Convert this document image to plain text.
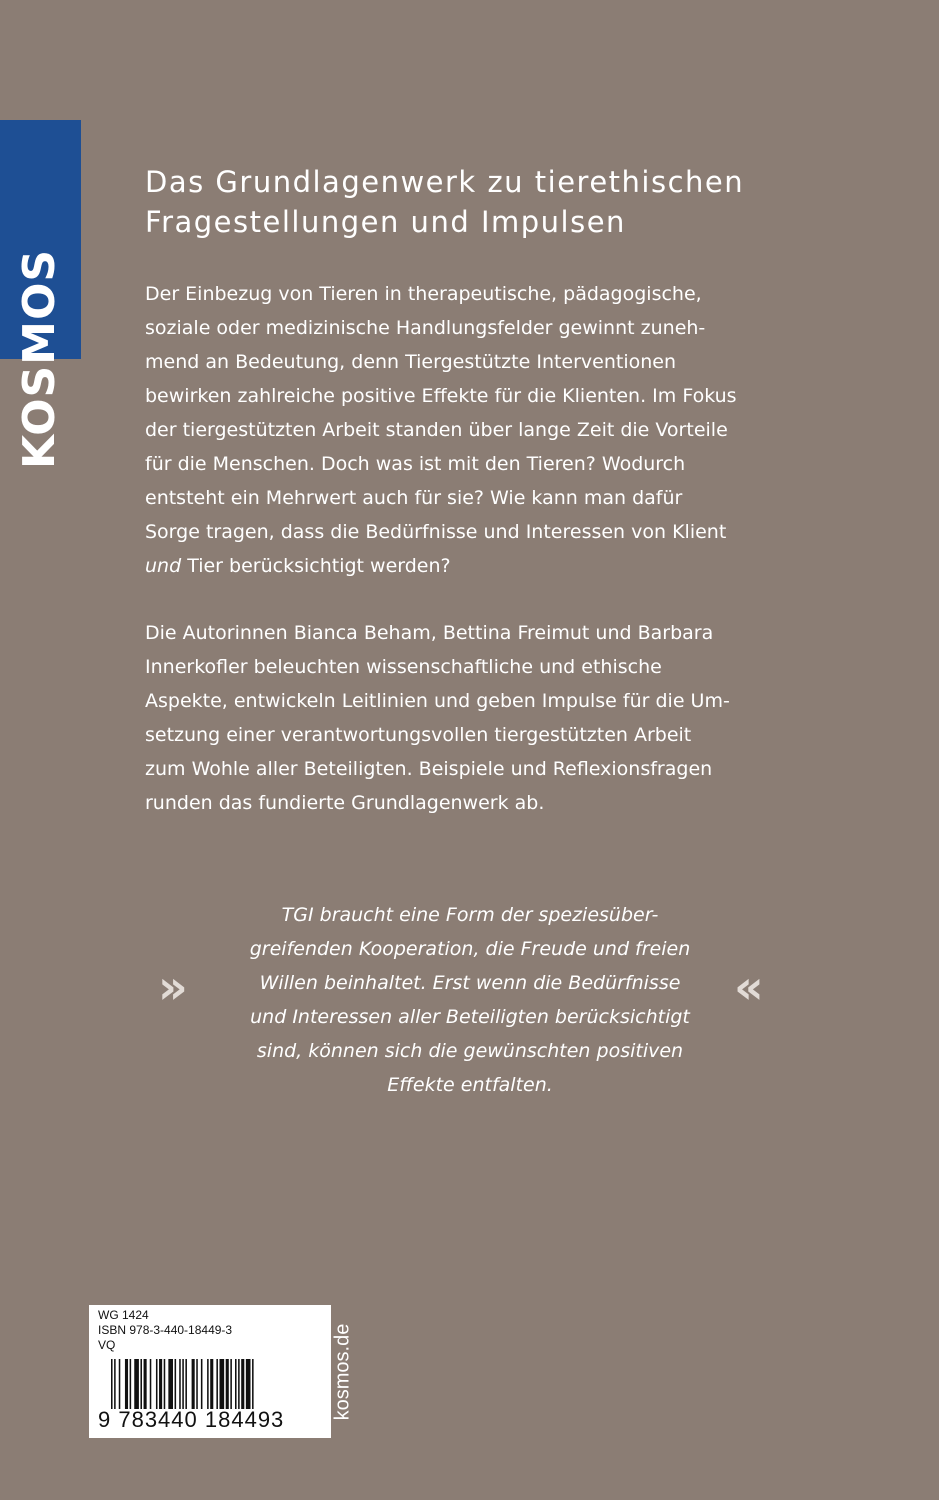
KOSMOS
Das Grundlagenwerk zu tierethischen
Fragestellungen und Impulsen

Der Einbezug von Tieren in therapeutische, pädagogische,
soziale oder medizinische Handlungsfelder gewinnt zuneh-
mend an Bedeutung, denn Tiergestützte Interventionen
bewirken zahlreiche positive Effekte für die Klienten. Im Fokus
der tiergestützten Arbeit standen über lange Zeit die Vorteile
für die Menschen. Doch was ist mit den Tieren? Wodurch
entsteht ein Mehrwert auch für sie? Wie kann man dafür
Sorge tragen, dass die Bedürfnisse und Interessen von Klient
und Tier berücksichtigt werden?

Die Autorinnen Bianca Beham, Bettina Freimut und Barbara
Innerkofler beleuchten wissenschaftliche und ethische
Aspekte, entwickeln Leitlinien und geben Impulse für die Um-
setzung einer verantwortungsvollen tiergestützten Arbeit
zum Wohle aller Beteiligten. Beispiele und Reflexionsfragen
runden das fundierte Grundlagenwerk ab.

»

TGI braucht eine Form der speziesüber-
greifenden Kooperation, die Freude und freien
Willen beinhaltet. Erst wenn die Bedürfnisse
und Interessen aller Beteiligten berücksichtigt
sind, können sich die gewünschten positiven
Effekte entfalten.

«
WG 1424
ISBN 978-3-440-18449-3
VQ
9 783440 184493 kosmos.de
